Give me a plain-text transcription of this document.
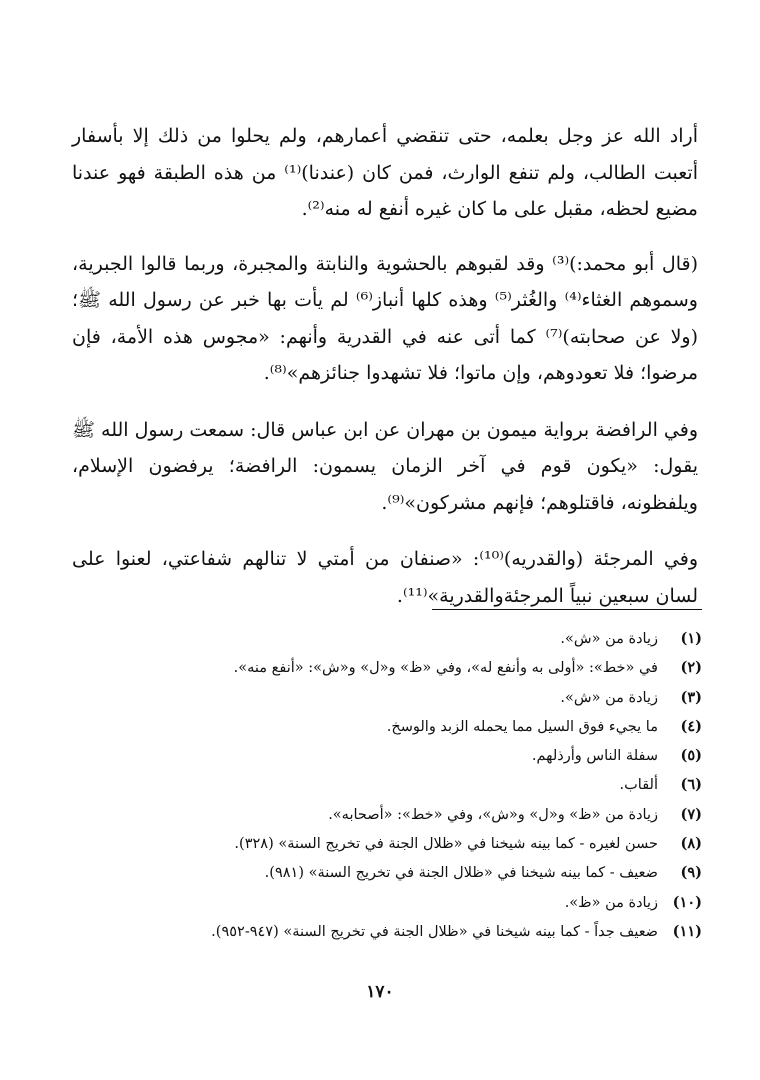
أراد الله عز وجل بعلمه، حتى تنقضي أعمارهم، ولم يحلوا من ذلك إلا بأسفار أتعبت الطالب، ولم تنفع الوارث، فمن كان (عندنا)⁽¹⁾ من هذه الطبقة فهو عندنا مضيع لحظه، مقبل على ما كان غيره أنفع له منه⁽²⁾.

(قال أبو محمد:)⁽³⁾ وقد لقبوهم بالحشوية والنابتة والمجبرة، وربما قالوا الجبرية، وسموهم الغثاء⁽⁴⁾ والغُثر⁽⁵⁾ وهذه كلها أنباز⁽⁶⁾ لم يأت بها خبر عن رسول الله ﷺ؛ (ولا عن صحابته)⁽⁷⁾ كما أتى عنه في القدرية وأنهم: «مجوس هذه الأمة، فإن مرضوا؛ فلا تعودوهم، وإن ماتوا؛ فلا تشهدوا جنائزهم»⁽⁸⁾.

وفي الرافضة برواية ميمون بن مهران عن ابن عباس قال: سمعت رسول الله ﷺ يقول: «يكون قوم في آخر الزمان يسمون: الرافضة؛ يرفضون الإسلام، ويلفظونه، فاقتلوهم؛ فإنهم مشركون»⁽⁹⁾.

وفي المرجئة (والقدريه)⁽¹⁰⁾: «صنفان من أمتي لا تنالهم شفاعتي، لعنوا على لسان سبعين نبياً المرجئةوالقدرية»⁽¹¹⁾.

(١)زيادة من «ش».
(٢)في «خط»: «أولى به وأنفع له»، وفي «ظ» و«ل» و«ش»: «أنفع منه».
(٣)زيادة من «ش».
(٤)ما يجيء فوق السيل مما يحمله الزبد والوسخ.
(٥)سفلة الناس وأرذلهم.
(٦)ألقاب.
(٧)زيادة من «ظ» و«ل» و«ش»، وفي «خط»: «أصحابه».
(٨)حسن لغيره - كما بينه شيخنا في «ظلال الجنة في تخريج السنة» (٣٢٨).
(٩)ضعيف - كما بينه شيخنا في «ظلال الجنة في تخريج السنة» (٩٨١).
(١٠)زيادة من «ظ».
(١١)ضعيف جداً - كما بينه شيخنا في «ظلال الجنة في تخريج السنة» (٩٤٧-٩٥٢).
١٧٠
